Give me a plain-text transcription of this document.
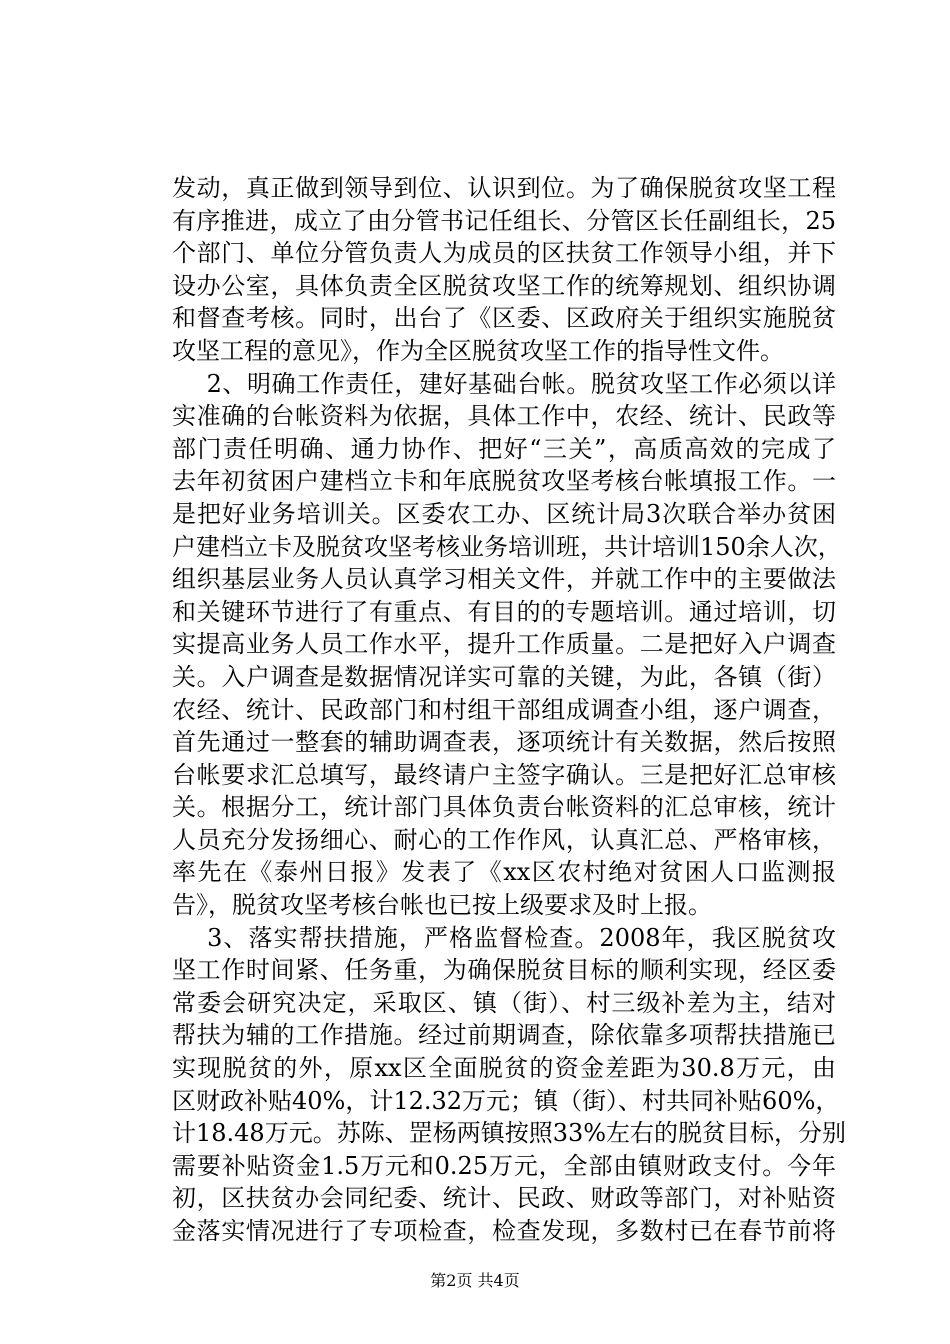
发动，真正做到领导到位、认识到位。为了确保脱贫攻坚工程
有序推进，成立了由分管书记任组长、分管区长任副组长，25
个部门、单位分管负责人为成员的区扶贫工作领导小组，并下
设办公室，具体负责全区脱贫攻坚工作的统筹规划、组织协调
和督查考核。同时，出台了《区委、区政府关于组织实施脱贫
攻坚工程的意见》，作为全区脱贫攻坚工作的指导性文件。
　2、明确工作责任，建好基础台帐。脱贫攻坚工作必须以详
实准确的台帐资料为依据，具体工作中，农经、统计、民政等
部门责任明确、通力协作、把好“三关”，高质高效的完成了
去年初贫困户建档立卡和年底脱贫攻坚考核台帐填报工作。一
是把好业务培训关。区委农工办、区统计局3次联合举办贫困
户建档立卡及脱贫攻坚考核业务培训班，共计培训150余人次，
组织基层业务人员认真学习相关文件，并就工作中的主要做法
和关键环节进行了有重点、有目的的专题培训。通过培训，切
实提高业务人员工作水平，提升工作质量。二是把好入户调查
关。入户调查是数据情况详实可靠的关键，为此，各镇（街）
农经、统计、民政部门和村组干部组成调查小组，逐户调查，
首先通过一整套的辅助调查表，逐项统计有关数据，然后按照
台帐要求汇总填写，最终请户主签字确认。三是把好汇总审核
关。根据分工，统计部门具体负责台帐资料的汇总审核，统计
人员充分发扬细心、耐心的工作作风，认真汇总、严格审核，
率先在《泰州日报》发表了《xx区农村绝对贫困人口监测报
告》，脱贫攻坚考核台帐也已按上级要求及时上报。
　3、落实帮扶措施，严格监督检查。2008年，我区脱贫攻
坚工作时间紧、任务重，为确保脱贫目标的顺利实现，经区委
常委会研究决定，采取区、镇（街）、村三级补差为主，结对
帮扶为辅的工作措施。经过前期调查，除依靠多项帮扶措施已
实现脱贫的外，原xx区全面脱贫的资金差距为30.8万元，由
区财政补贴40%，计12.32万元；镇（街）、村共同补贴60%，
计18.48万元。苏陈、罡杨两镇按照33%左右的脱贫目标，分别
需要补贴资金1.5万元和0.25万元，全部由镇财政支付。今年
初，区扶贫办会同纪委、统计、民政、财政等部门，对补贴资
金落实情况进行了专项检查，检查发现，多数村已在春节前将
第2页 共4页
